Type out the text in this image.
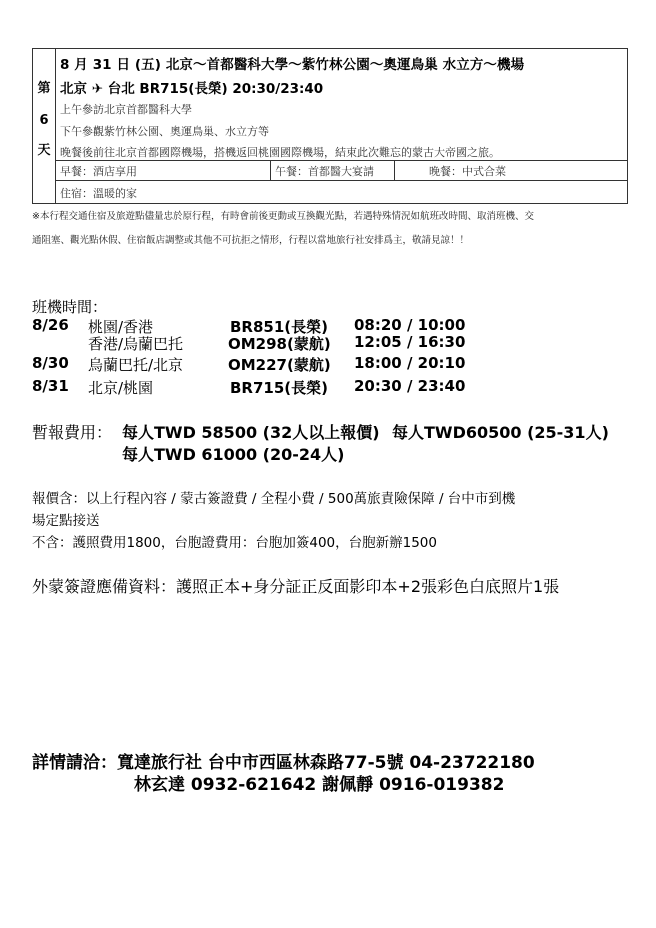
第
6
天
8 月 31 日 (五) 北京～首都醫科大學～紫竹林公園～奧運鳥巢 水立方～機場
北京 ✈ 台北 BR715(長榮) 20:30/23:40
上午參訪北京首都醫科大學
下午參觀紫竹林公園、奧運鳥巢、水立方等
晚餐後前往北京首都國際機場，搭機返回桃園國際機場，結束此次難忘的蒙古大帝國之旅。
早餐：酒店享用	午餐：首都醫大宴請	晚餐：中式合菜
住宿：溫暖的家
※本行程交通住宿及旅遊點儘量忠於原行程，有時會前後更動或互換觀光點，若遇特殊情況如航班改時間、取消班機、交
通阻塞、觀光點休假、住宿飯店調整或其他不可抗拒之情形，行程以當地旅行社安排爲主，敬請見諒！！
班機時間：
8/26 桃園/香港	BR851(長榮) 08:20 / 10:00
香港/烏蘭巴托	OM298(蒙航) 12:05 / 16:30
8/30 烏蘭巴托/北京	OM227(蒙航) 18:00 / 20:10
8/31 北京/桃園	BR715(長榮) 20:30 / 23:40
暫報費用： 每人TWD 58500 (32人以上報價) 每人TWD60500 (25-31人)
每人TWD 61000 (20-24人)
報價含：以上行程內容 / 蒙古簽證費 / 全程小費 / 500萬旅責險保障 / 台中市到機
場定點接送
不含：護照費用1800，台胞證費用：台胞加簽400，台胞新辦1500
外蒙簽證應備資料：護照正本+身分証正反面影印本+2張彩色白底照片1張
詳情請洽：寬達旅行社 台中市西區林森路77-5號 04-23722180
林玄達 0932-621642 謝佩靜 0916-019382
